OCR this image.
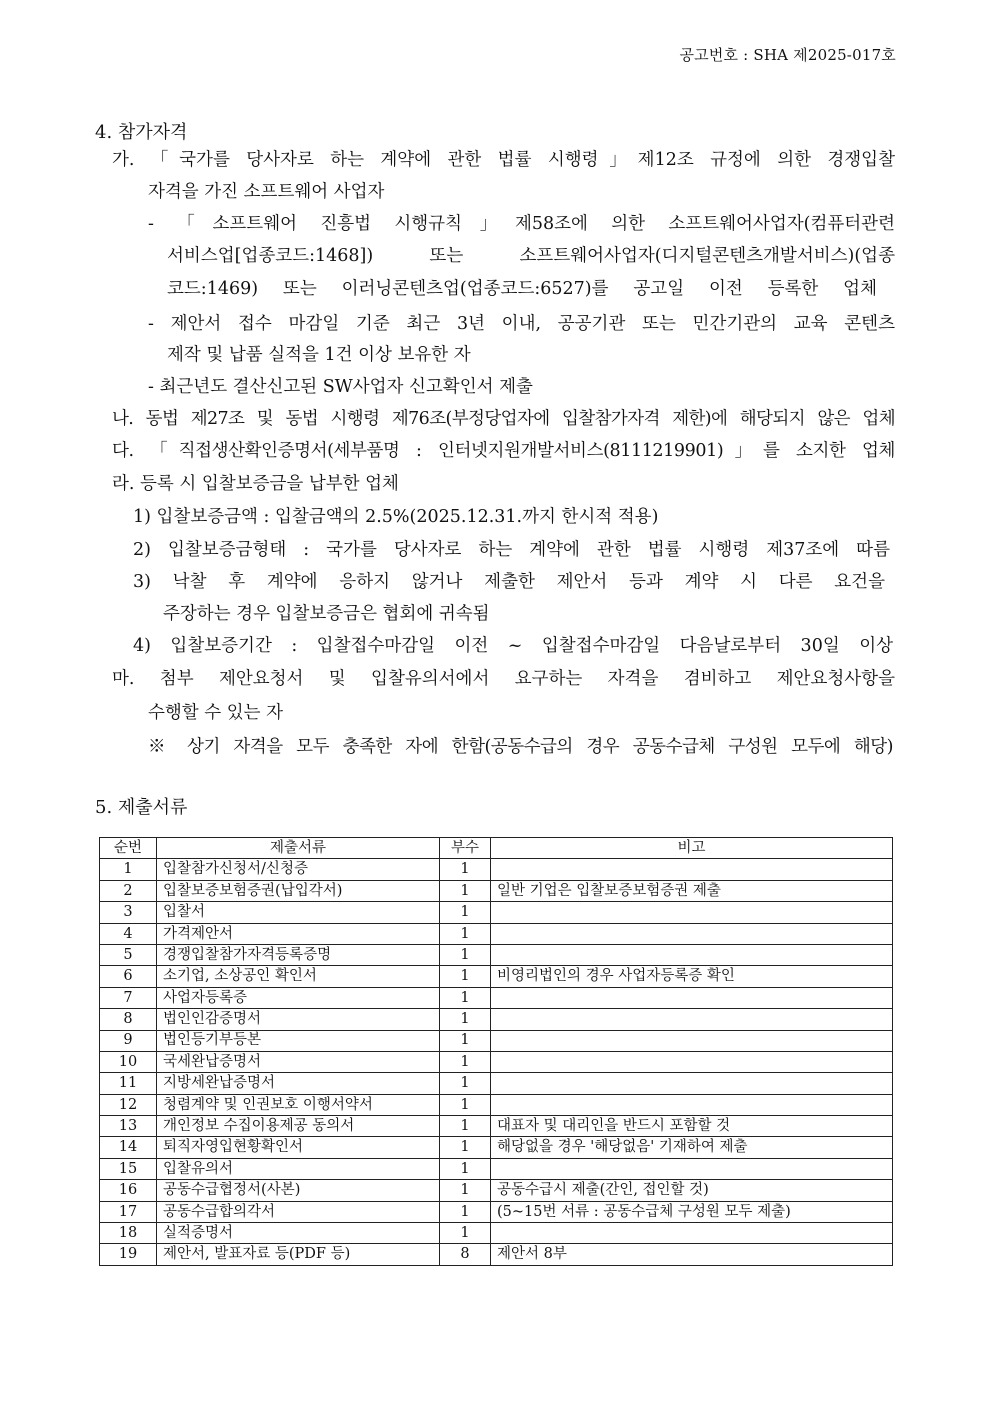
공고번호 : SHA 제2025-017호
4. 참가자격
가. 「국가를 당사자로 하는 계약에 관한 법률 시행령」제12조 규정에 의한 경쟁입찰
자격을 가진 소프트웨어 사업자
- 「소프트웨어 진흥법 시행규칙」제58조에 의한 소프트웨어사업자(컴퓨터관련
서비스업[업종코드:1468]) 또는 소프트웨어사업자(디지털콘텐츠개발서비스)(업종
코드:1469) 또는 이러닝콘텐츠업(업종코드:6527)를 공고일 이전 등록한 업체
- 제안서 접수 마감일 기준 최근 3년 이내, 공공기관 또는 민간기관의 교육 콘텐츠
제작 및 납품 실적을 1건 이상 보유한 자
- 최근년도 결산신고된 SW사업자 신고확인서 제출
나. 동법 제27조 및 동법 시행령 제76조(부정당업자에 입찰참가자격 제한)에 해당되지 않은 업체
다. 「직접생산확인증명서(세부품명 : 인터넷지원개발서비스(8111219901)」를 소지한 업체
라. 등록 시 입찰보증금을 납부한 업체
1) 입찰보증금액 : 입찰금액의 2.5%(2025.12.31.까지 한시적 적용)
2) 입찰보증금형태 : 국가를 당사자로 하는 계약에 관한 법률 시행령 제37조에 따름
3) 낙찰 후 계약에 응하지 않거나 제출한 제안서 등과 계약 시 다른 요건을
주장하는 경우 입찰보증금은 협회에 귀속됨
4) 입찰보증기간 : 입찰접수마감일 이전 ~ 입찰접수마감일 다음날로부터 30일 이상
마. 첨부 제안요청서 및 입찰유의서에서 요구하는 자격을 겸비하고 제안요청사항을
수행할 수 있는 자
※ 상기 자격을 모두 충족한 자에 한함(공동수급의 경우 공동수급체 구성원 모두에 해당)
5. 제출서류
순번	제출서류	부수	비고
1	입찰참가신청서/신청증	1	
2	입찰보증보험증권(납입각서)	1	일반 기업은 입찰보증보험증권 제출
3	입찰서	1	
4	가격제안서	1	
5	경쟁입찰참가자격등록증명	1	
6	소기업, 소상공인 확인서	1	비영리법인의 경우 사업자등록증 확인
7	사업자등록증	1	
8	법인인감증명서	1	
9	법인등기부등본	1	
10	국세완납증명서	1	
11	지방세완납증명서	1	
12	청렴계약 및 인권보호 이행서약서	1	
13	개인정보 수집이용제공 동의서	1	대표자 및 대리인을 반드시 포함할 것
14	퇴직자영입현황확인서	1	해당없을 경우 '해당없음' 기재하여 제출
15	입찰유의서	1	
16	공동수급협정서(사본)	1	공동수급시 제출(간인, 접인할 것)
17	공동수급합의각서	1	(5~15번 서류 : 공동수급체 구성원 모두 제출)
18	실적증명서	1	
19	제안서, 발표자료 등(PDF 등)	8	제안서 8부
